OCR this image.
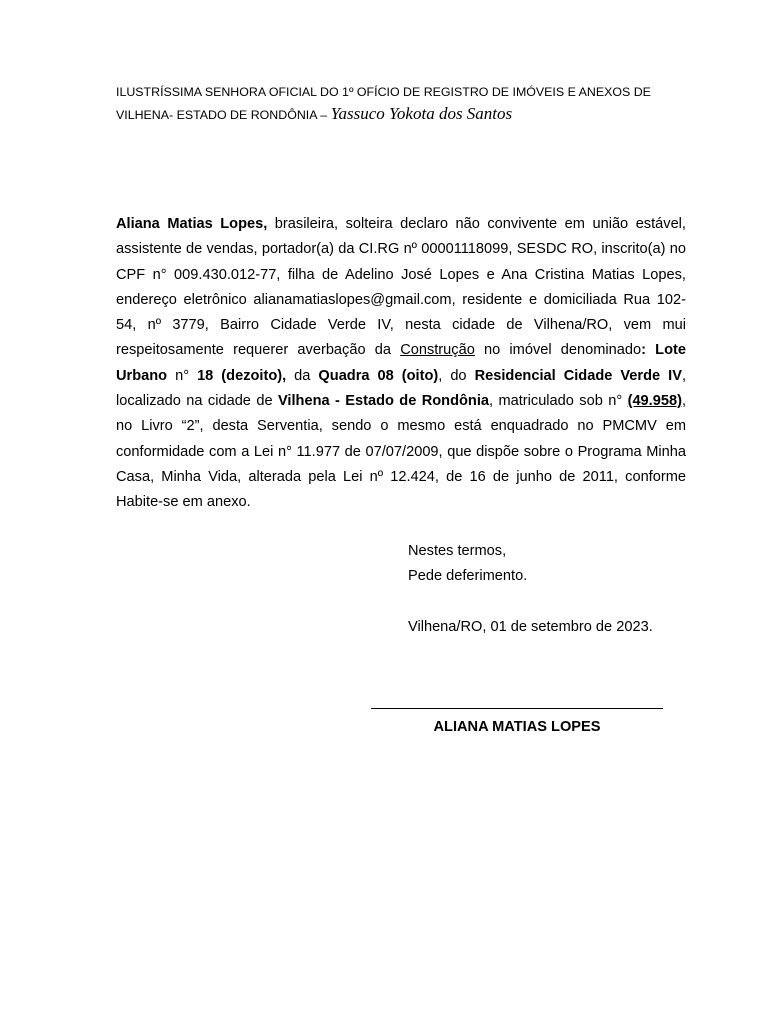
ILUSTRÍSSIMA SENHORA OFICIAL DO 1º OFÍCIO DE REGISTRO DE IMÓVEIS E ANEXOS DE VILHENA- ESTADO DE RONDÔNIA – Yassuco Yokota dos Santos

Aliana Matias Lopes, brasileira, solteira declaro não convivente em união estável, assistente de vendas, portador(a) da CI.RG nº 00001118099, SESDC RO, inscrito(a) no CPF n° 009.430.012-77, filha de Adelino José Lopes e Ana Cristina Matias Lopes, endereço eletrônico alianamatiaslopes@gmail.com, residente e domiciliada Rua 102-54, nº 3779, Bairro Cidade Verde IV, nesta cidade de Vilhena/RO, vem mui respeitosamente requerer averbação da Construção no imóvel denominado: Lote Urbano n° 18 (dezoito), da Quadra 08 (oito), do Residencial Cidade Verde IV, localizado na cidade de Vilhena - Estado de Rondônia, matriculado sob n° (49.958), no Livro “2”, desta Serventia, sendo o mesmo está enquadrado no PMCMV em conformidade com a Lei n° 11.977 de 07/07/2009, que dispõe sobre o Programa Minha Casa, Minha Vida, alterada pela Lei nº 12.424, de 16 de junho de 2011, conforme Habite-se em anexo.

Nestes termos,

Pede deferimento.

Vilhena/RO, 01 de setembro de 2023.

ALIANA MATIAS LOPES
